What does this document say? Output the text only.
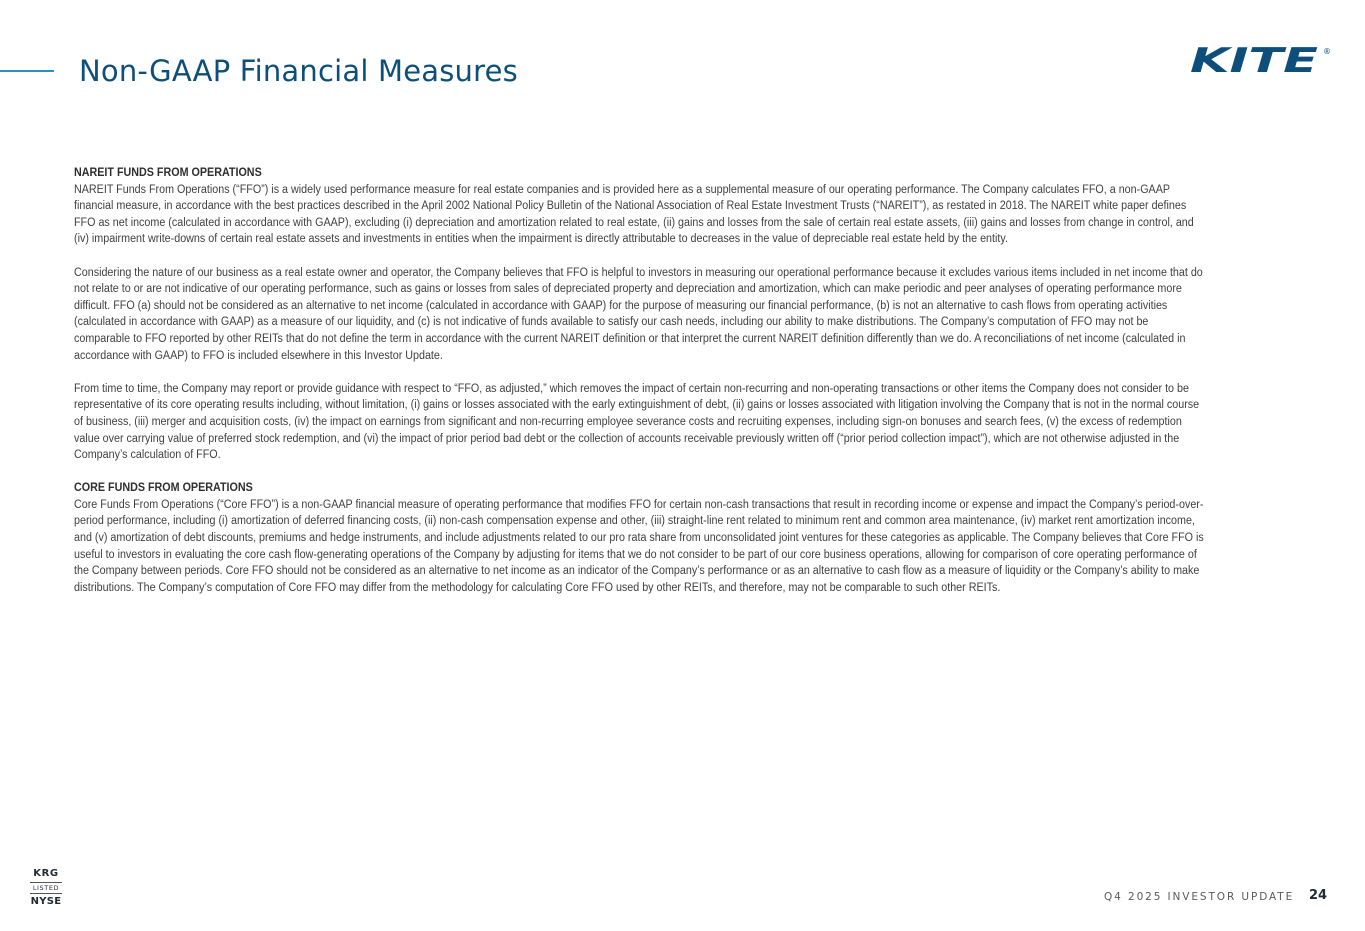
Non-GAAP Financial Measures	KITE ®
NAREIT FUNDS FROM OPERATIONS

NAREIT Funds From Operations (“FFO”) is a widely used performance measure for real estate companies and is provided here as a supplemental measure of our operating performance. The Company calculates FFO, a non-GAAP financial measure, in accordance with the best practices described in the April 2002 National Policy Bulletin of the National Association of Real Estate Investment Trusts (“NAREIT”), as restated in 2018. The NAREIT white paper defines FFO as net income (calculated in accordance with GAAP), excluding (i) depreciation and amortization related to real estate, (ii) gains and losses from the sale of certain real estate assets, (iii) gains and losses from change in control, and (iv) impairment write-downs of certain real estate assets and investments in entities when the impairment is directly attributable to decreases in the value of depreciable real estate held by the entity.

Considering the nature of our business as a real estate owner and operator, the Company believes that FFO is helpful to investors in measuring our operational performance because it excludes various items included in net income that do not relate to or are not indicative of our operating performance, such as gains or losses from sales of depreciated property and depreciation and amortization, which can make periodic and peer analyses of operating performance more difficult. FFO (a) should not be considered as an alternative to net income (calculated in accordance with GAAP) for the purpose of measuring our financial performance, (b) is not an alternative to cash flows from operating activities (calculated in accordance with GAAP) as a measure of our liquidity, and (c) is not indicative of funds available to satisfy our cash needs, including our ability to make distributions. The Company’s computation of FFO may not be comparable to FFO reported by other REITs that do not define the term in accordance with the current NAREIT definition or that interpret the current NAREIT definition differently than we do. A reconciliations of net income (calculated in accordance with GAAP) to FFO is included elsewhere in this Investor Update.

From time to time, the Company may report or provide guidance with respect to “FFO, as adjusted,” which removes the impact of certain non-recurring and non-operating transactions or other items the Company does not consider to be representative of its core operating results including, without limitation, (i) gains or losses associated with the early extinguishment of debt, (ii) gains or losses associated with litigation involving the Company that is not in the normal course of business, (iii) merger and acquisition costs, (iv) the impact on earnings from significant and non-recurring employee severance costs and recruiting expenses, including sign-on bonuses and search fees, (v) the excess of redemption value over carrying value of preferred stock redemption, and (vi) the impact of prior period bad debt or the collection of accounts receivable previously written off (“prior period collection impact”), which are not otherwise adjusted in the Company’s calculation of FFO.

CORE FUNDS FROM OPERATIONS

Core Funds From Operations (“Core FFO”) is a non-GAAP financial measure of operating performance that modifies FFO for certain non-cash transactions that result in recording income or expense and impact the Company’s period-over-period performance, including (i) amortization of deferred financing costs, (ii) non-cash compensation expense and other, (iii) straight-line rent related to minimum rent and common area maintenance, (iv) market rent amortization income, and (v) amortization of debt discounts, premiums and hedge instruments, and include adjustments related to our pro rata share from unconsolidated joint ventures for these categories as applicable. The Company believes that Core FFO is useful to investors in evaluating the core cash flow-generating operations of the Company by adjusting for items that we do not consider to be part of our core business operations, allowing for comparison of core operating performance of the Company between periods. Core FFO should not be considered as an alternative to net income as an indicator of the Company’s performance or as an alternative to cash flow as a measure of liquidity or the Company’s ability to make distributions. The Company’s computation of Core FFO may differ from the methodology for calculating Core FFO used by other REITs, and therefore, may not be comparable to such other REITs.

KRG
LISTED
NYSE	Q4 2025 INVESTOR UPDATE 24
